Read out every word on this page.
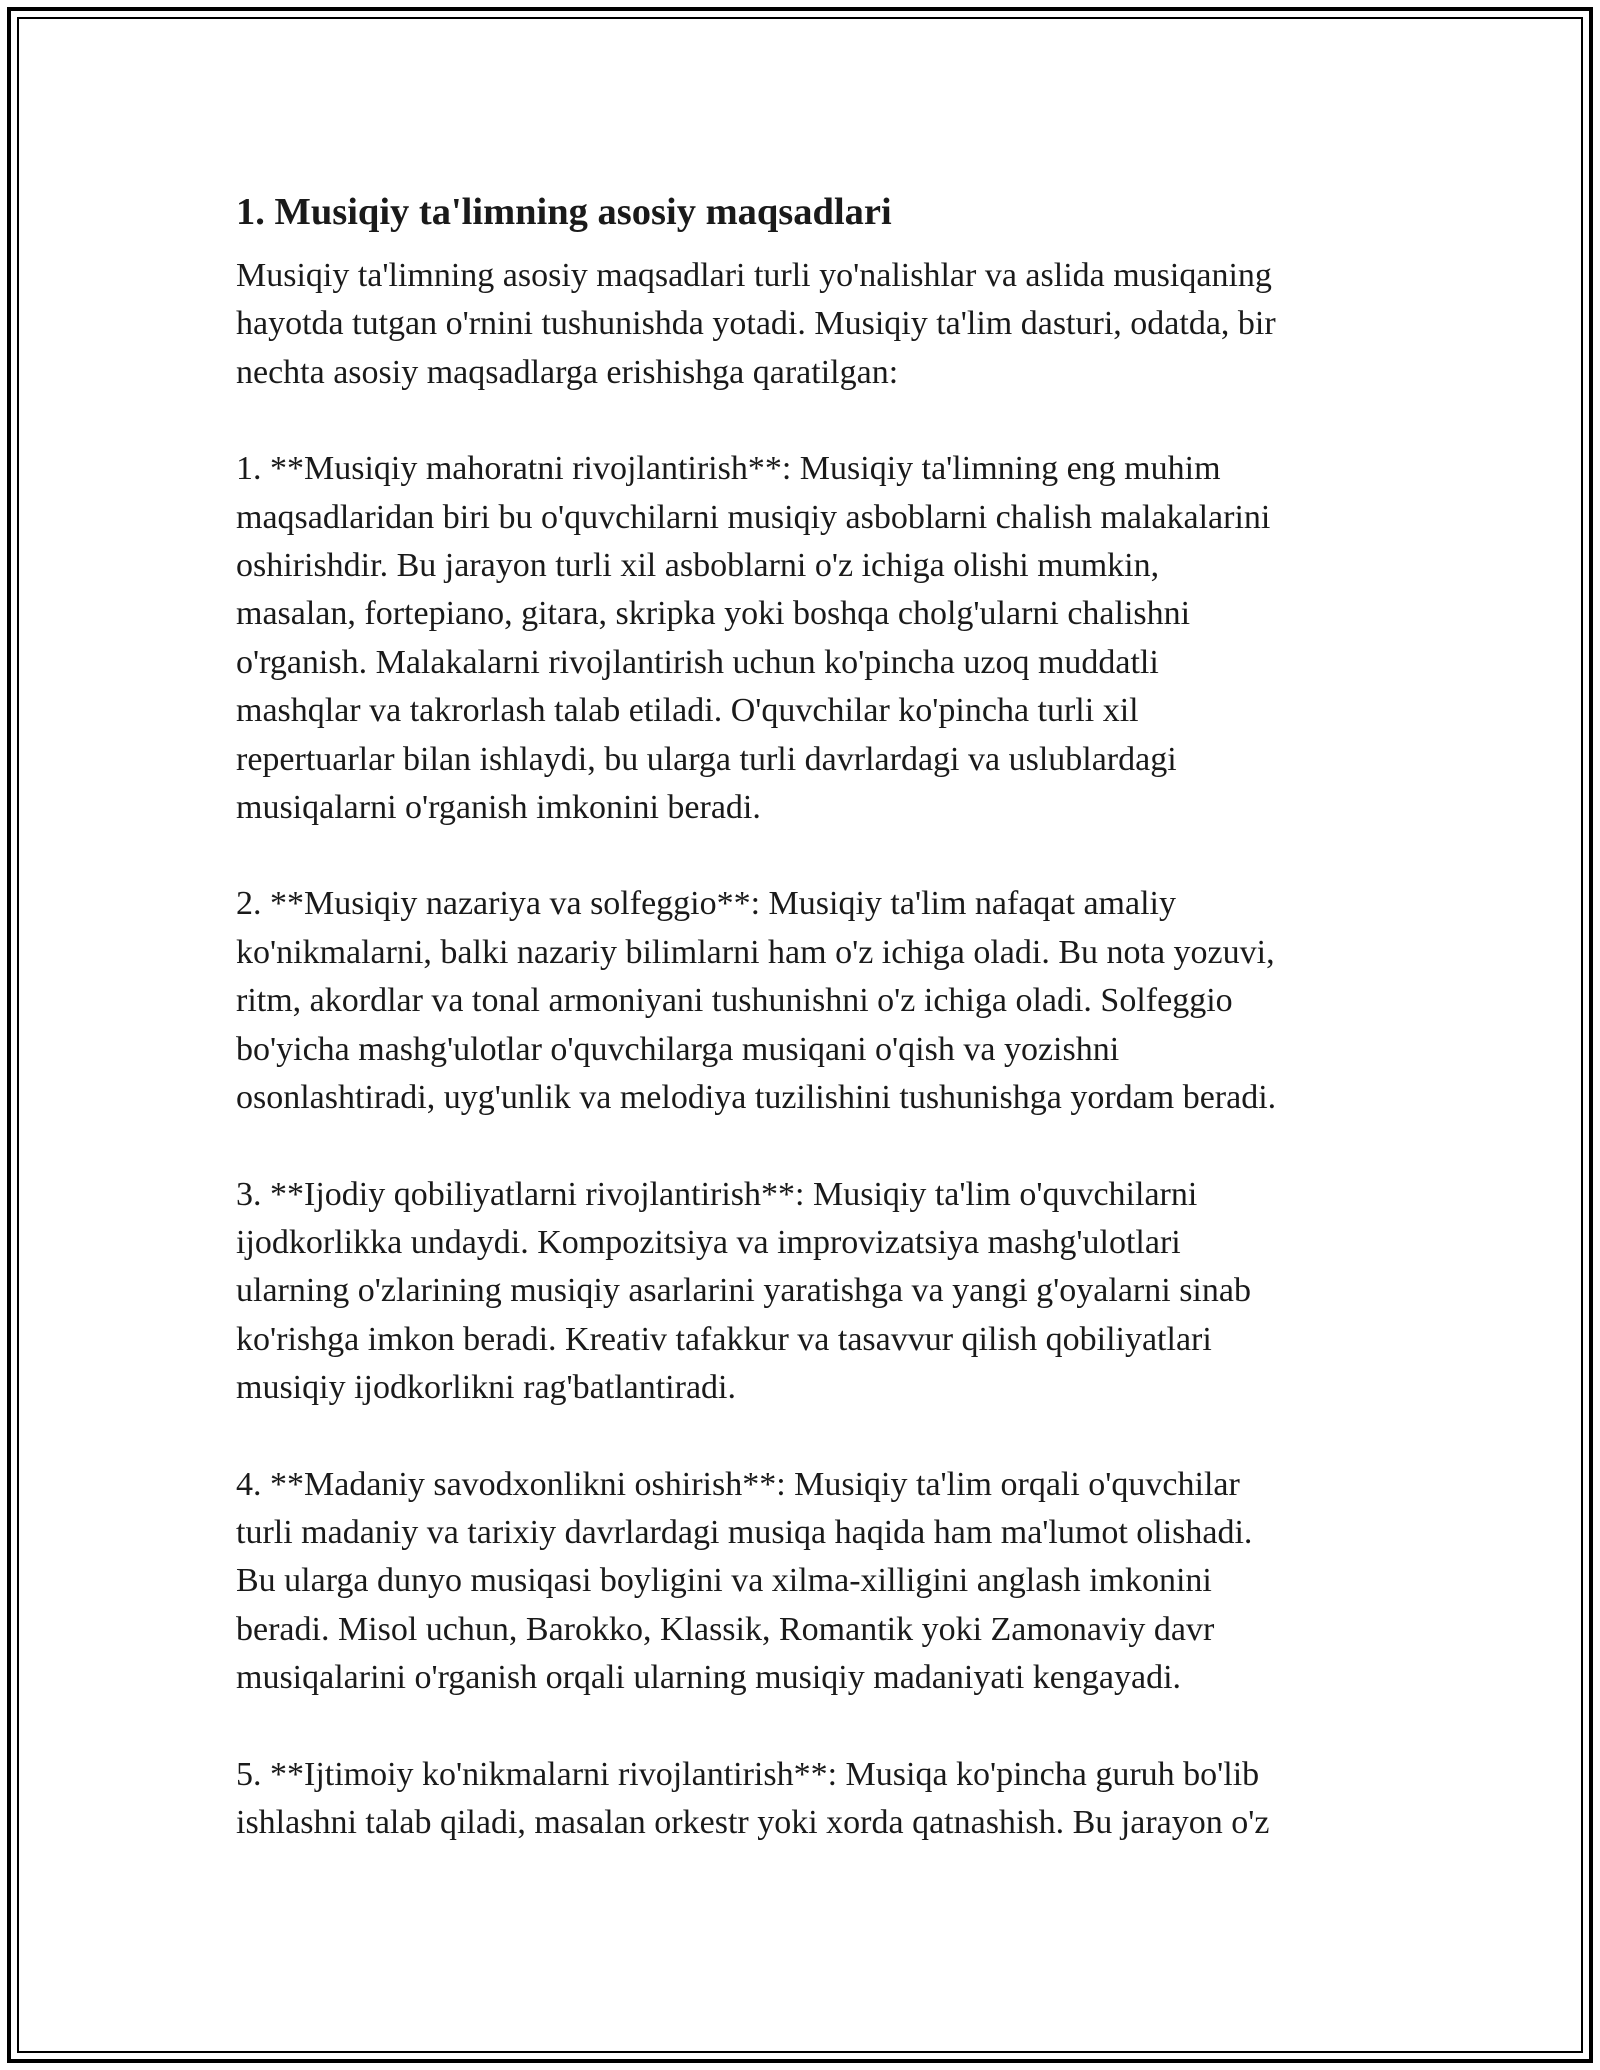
1. Musiqiy ta'limning asosiy maqsadlari

Musiqiy ta'limning asosiy maqsadlari turli yo'nalishlar va aslida musiqaning
hayotda tutgan o'rnini tushunishda yotadi. Musiqiy ta'lim dasturi, odatda, bir
nechta asosiy maqsadlarga erishishga qaratilgan:

1. **Musiqiy mahoratni rivojlantirish**: Musiqiy ta'limning eng muhim
maqsadlaridan biri bu o'quvchilarni musiqiy asboblarni chalish malakalarini
oshirishdir. Bu jarayon turli xil asboblarni o'z ichiga olishi mumkin,
masalan, fortepiano, gitara, skripka yoki boshqa cholg'ularni chalishni
o'rganish. Malakalarni rivojlantirish uchun ko'pincha uzoq muddatli
mashqlar va takrorlash talab etiladi. O'quvchilar ko'pincha turli xil
repertuarlar bilan ishlaydi, bu ularga turli davrlardagi va uslublardagi
musiqalarni o'rganish imkonini beradi.

2. **Musiqiy nazariya va solfeggio**: Musiqiy ta'lim nafaqat amaliy
ko'nikmalarni, balki nazariy bilimlarni ham o'z ichiga oladi. Bu nota yozuvi,
ritm, akordlar va tonal armoniyani tushunishni o'z ichiga oladi. Solfeggio
bo'yicha mashg'ulotlar o'quvchilarga musiqani o'qish va yozishni
osonlashtiradi, uyg'unlik va melodiya tuzilishini tushunishga yordam beradi.

3. **Ijodiy qobiliyatlarni rivojlantirish**: Musiqiy ta'lim o'quvchilarni
ijodkorlikka undaydi. Kompozitsiya va improvizatsiya mashg'ulotlari
ularning o'zlarining musiqiy asarlarini yaratishga va yangi g'oyalarni sinab
ko'rishga imkon beradi. Kreativ tafakkur va tasavvur qilish qobiliyatlari
musiqiy ijodkorlikni rag'batlantiradi.

4. **Madaniy savodxonlikni oshirish**: Musiqiy ta'lim orqali o'quvchilar
turli madaniy va tarixiy davrlardagi musiqa haqida ham ma'lumot olishadi.
Bu ularga dunyo musiqasi boyligini va xilma-xilligini anglash imkonini
beradi. Misol uchun, Barokko, Klassik, Romantik yoki Zamonaviy davr
musiqalarini o'rganish orqali ularning musiqiy madaniyati kengayadi.

5. **Ijtimoiy ko'nikmalarni rivojlantirish**: Musiqa ko'pincha guruh bo'lib
ishlashni talab qiladi, masalan orkestr yoki xorda qatnashish. Bu jarayon o'z
